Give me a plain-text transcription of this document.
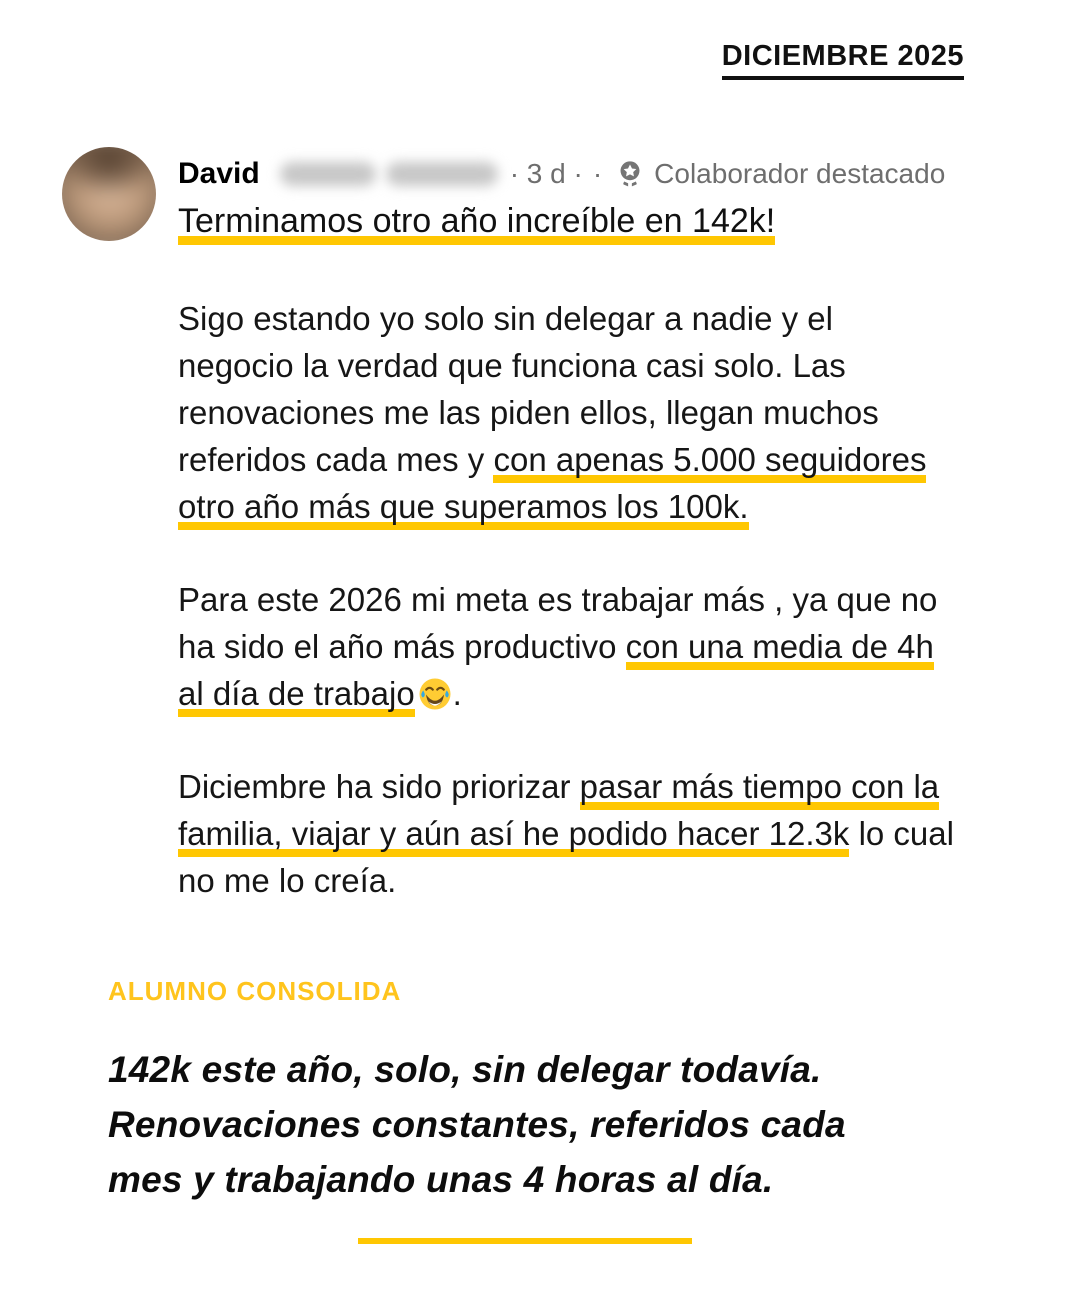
DICIEMBRE 2025
David	· 3 d · · Colaborador destacado
Terminamos otro año increíble en 142k!
Sigo estando yo solo sin delegar a nadie y el
negocio la verdad que funciona casi solo. Las
renovaciones me las piden ellos, llegan muchos
referidos cada mes y con apenas 5.000 seguidores
otro año más que superamos los 100k.
Para este 2026 mi meta es trabajar más , ya que no
ha sido el año más productivo con una media de 4h
al día de trabajo .
Diciembre ha sido priorizar pasar más tiempo con la
familia, viajar y aún así he podido hacer 12.3k lo cual
no me lo creía.
ALUMNO CONSOLIDA
142k este año, solo, sin delegar todavía.
Renovaciones constantes, referidos cada
mes y trabajando unas 4 horas al día.
